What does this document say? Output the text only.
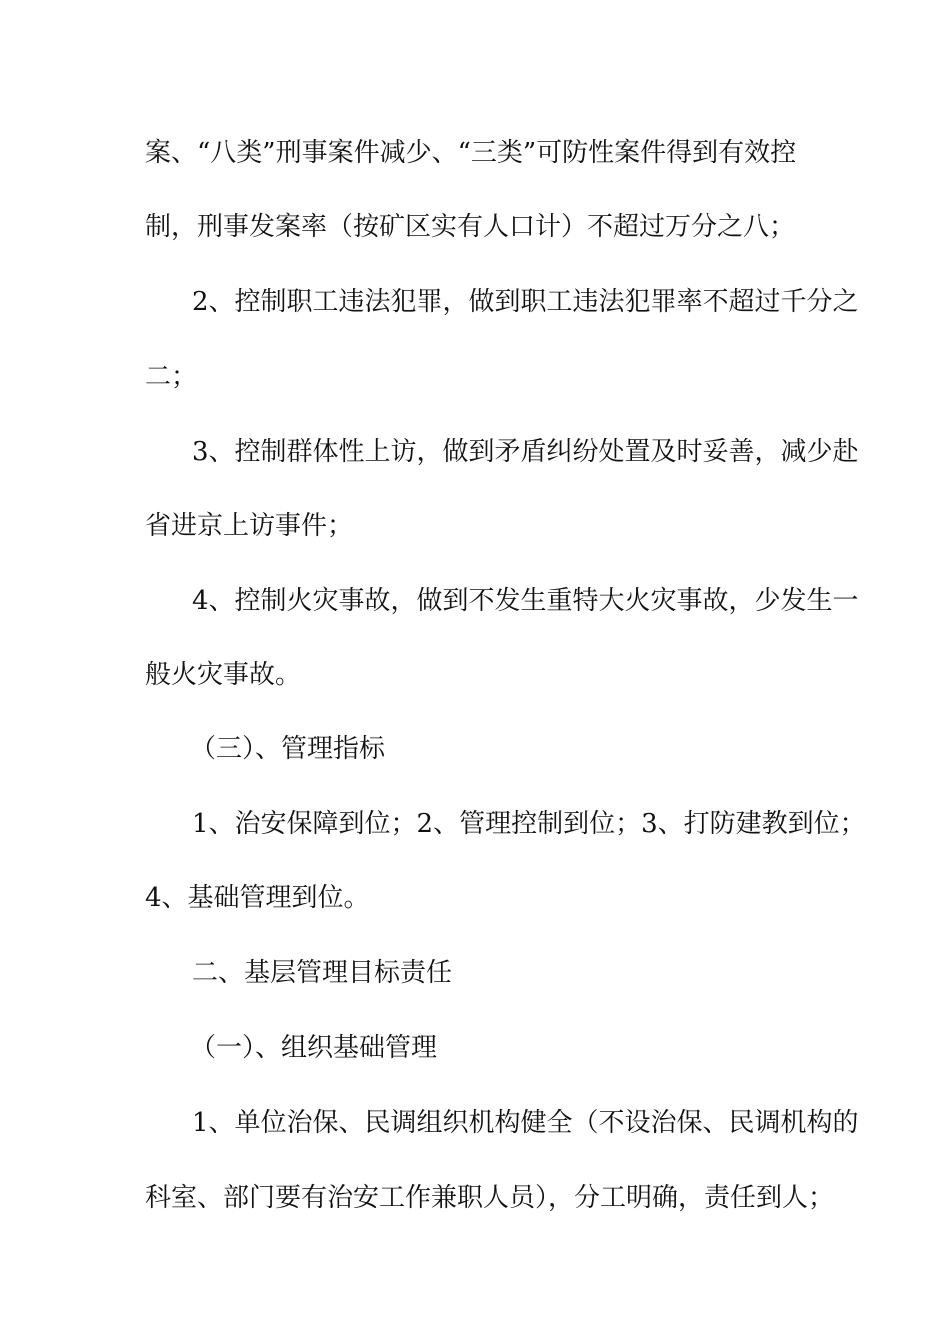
案、“八类”刑事案件减少、“三类”可防性案件得到有效控
制，刑事发案率（按矿区实有人口计）不超过万分之八；
2、控制职工违法犯罪，做到职工违法犯罪率不超过千分之
二；
3、控制群体性上访，做到矛盾纠纷处置及时妥善，减少赴
省进京上访事件；
4、控制火灾事故，做到不发生重特大火灾事故，少发生一
般火灾事故。
（三）、管理指标
1、治安保障到位；2、管理控制到位；3、打防建教到位；
4、基础管理到位。
二、基层管理目标责任
（一）、组织基础管理
1、单位治保、民调组织机构健全（不设治保、民调机构的
科室、部门要有治安工作兼职人员），分工明确，责任到人；
